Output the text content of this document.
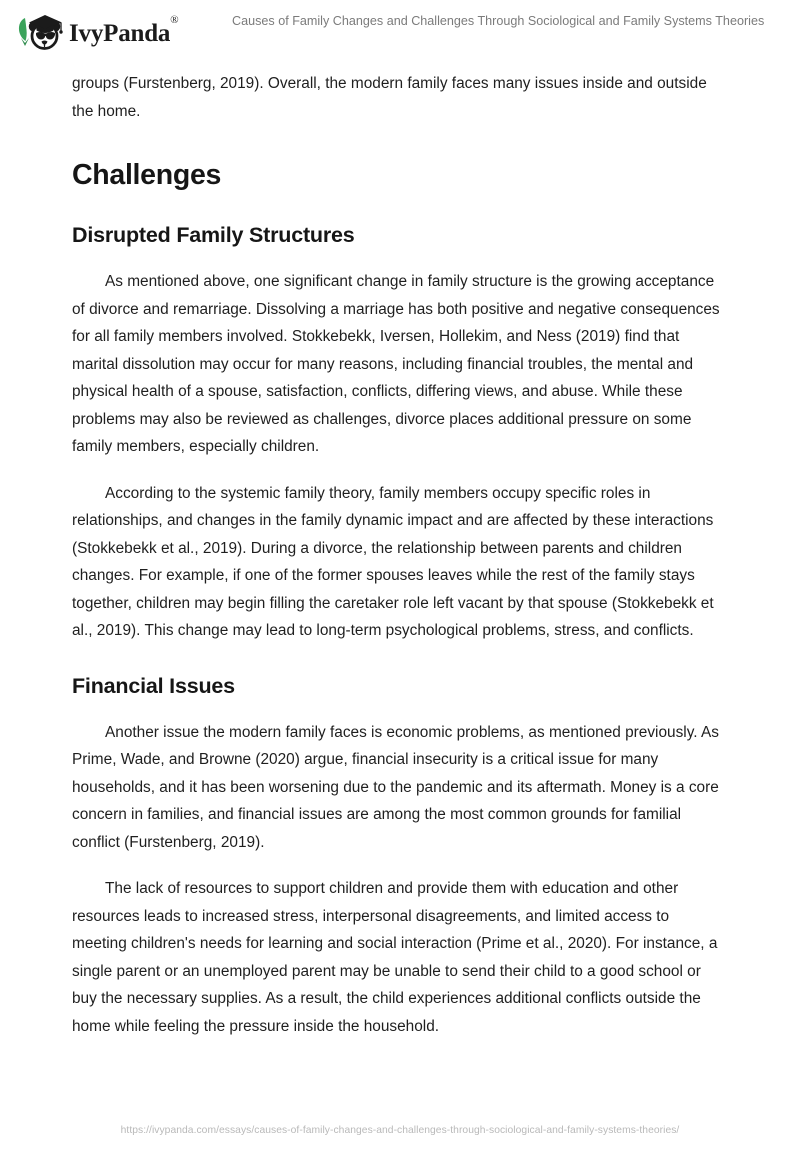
IvyPanda®	Causes of Family Changes and Challenges Through Sociological and Family Systems Theories

groups (Furstenberg, 2019). Overall, the modern family faces many issues inside and outside the home.

Challenges
Disrupted Family Structures

As mentioned above, one significant change in family structure is the growing acceptance of divorce and remarriage. Dissolving a marriage has both positive and negative consequences for all family members involved. Stokkebekk, Iversen, Hollekim, and Ness (2019) find that marital dissolution may occur for many reasons, including financial troubles, the mental and physical health of a spouse, satisfaction, conflicts, differing views, and abuse. While these problems may also be reviewed as challenges, divorce places additional pressure on some family members, especially children.

According to the systemic family theory, family members occupy specific roles in relationships, and changes in the family dynamic impact and are affected by these interactions (Stokkebekk et al., 2019). During a divorce, the relationship between parents and children changes. For example, if one of the former spouses leaves while the rest of the family stays together, children may begin filling the caretaker role left vacant by that spouse (Stokkebekk et al., 2019). This change may lead to long-term psychological problems, stress, and conflicts.

Financial Issues

Another issue the modern family faces is economic problems, as mentioned previously. As Prime, Wade, and Browne (2020) argue, financial insecurity is a critical issue for many households, and it has been worsening due to the pandemic and its aftermath. Money is a core concern in families, and financial issues are among the most common grounds for familial conflict (Furstenberg, 2019).

The lack of resources to support children and provide them with education and other resources leads to increased stress, interpersonal disagreements, and limited access to meeting children's needs for learning and social interaction (Prime et al., 2020). For instance, a single parent or an unemployed parent may be unable to send their child to a good school or buy the necessary supplies. As a result, the child experiences additional conflicts outside the home while feeling the pressure inside the household.

https://ivypanda.com/essays/causes-of-family-changes-and-challenges-through-sociological-and-family-systems-theories/
